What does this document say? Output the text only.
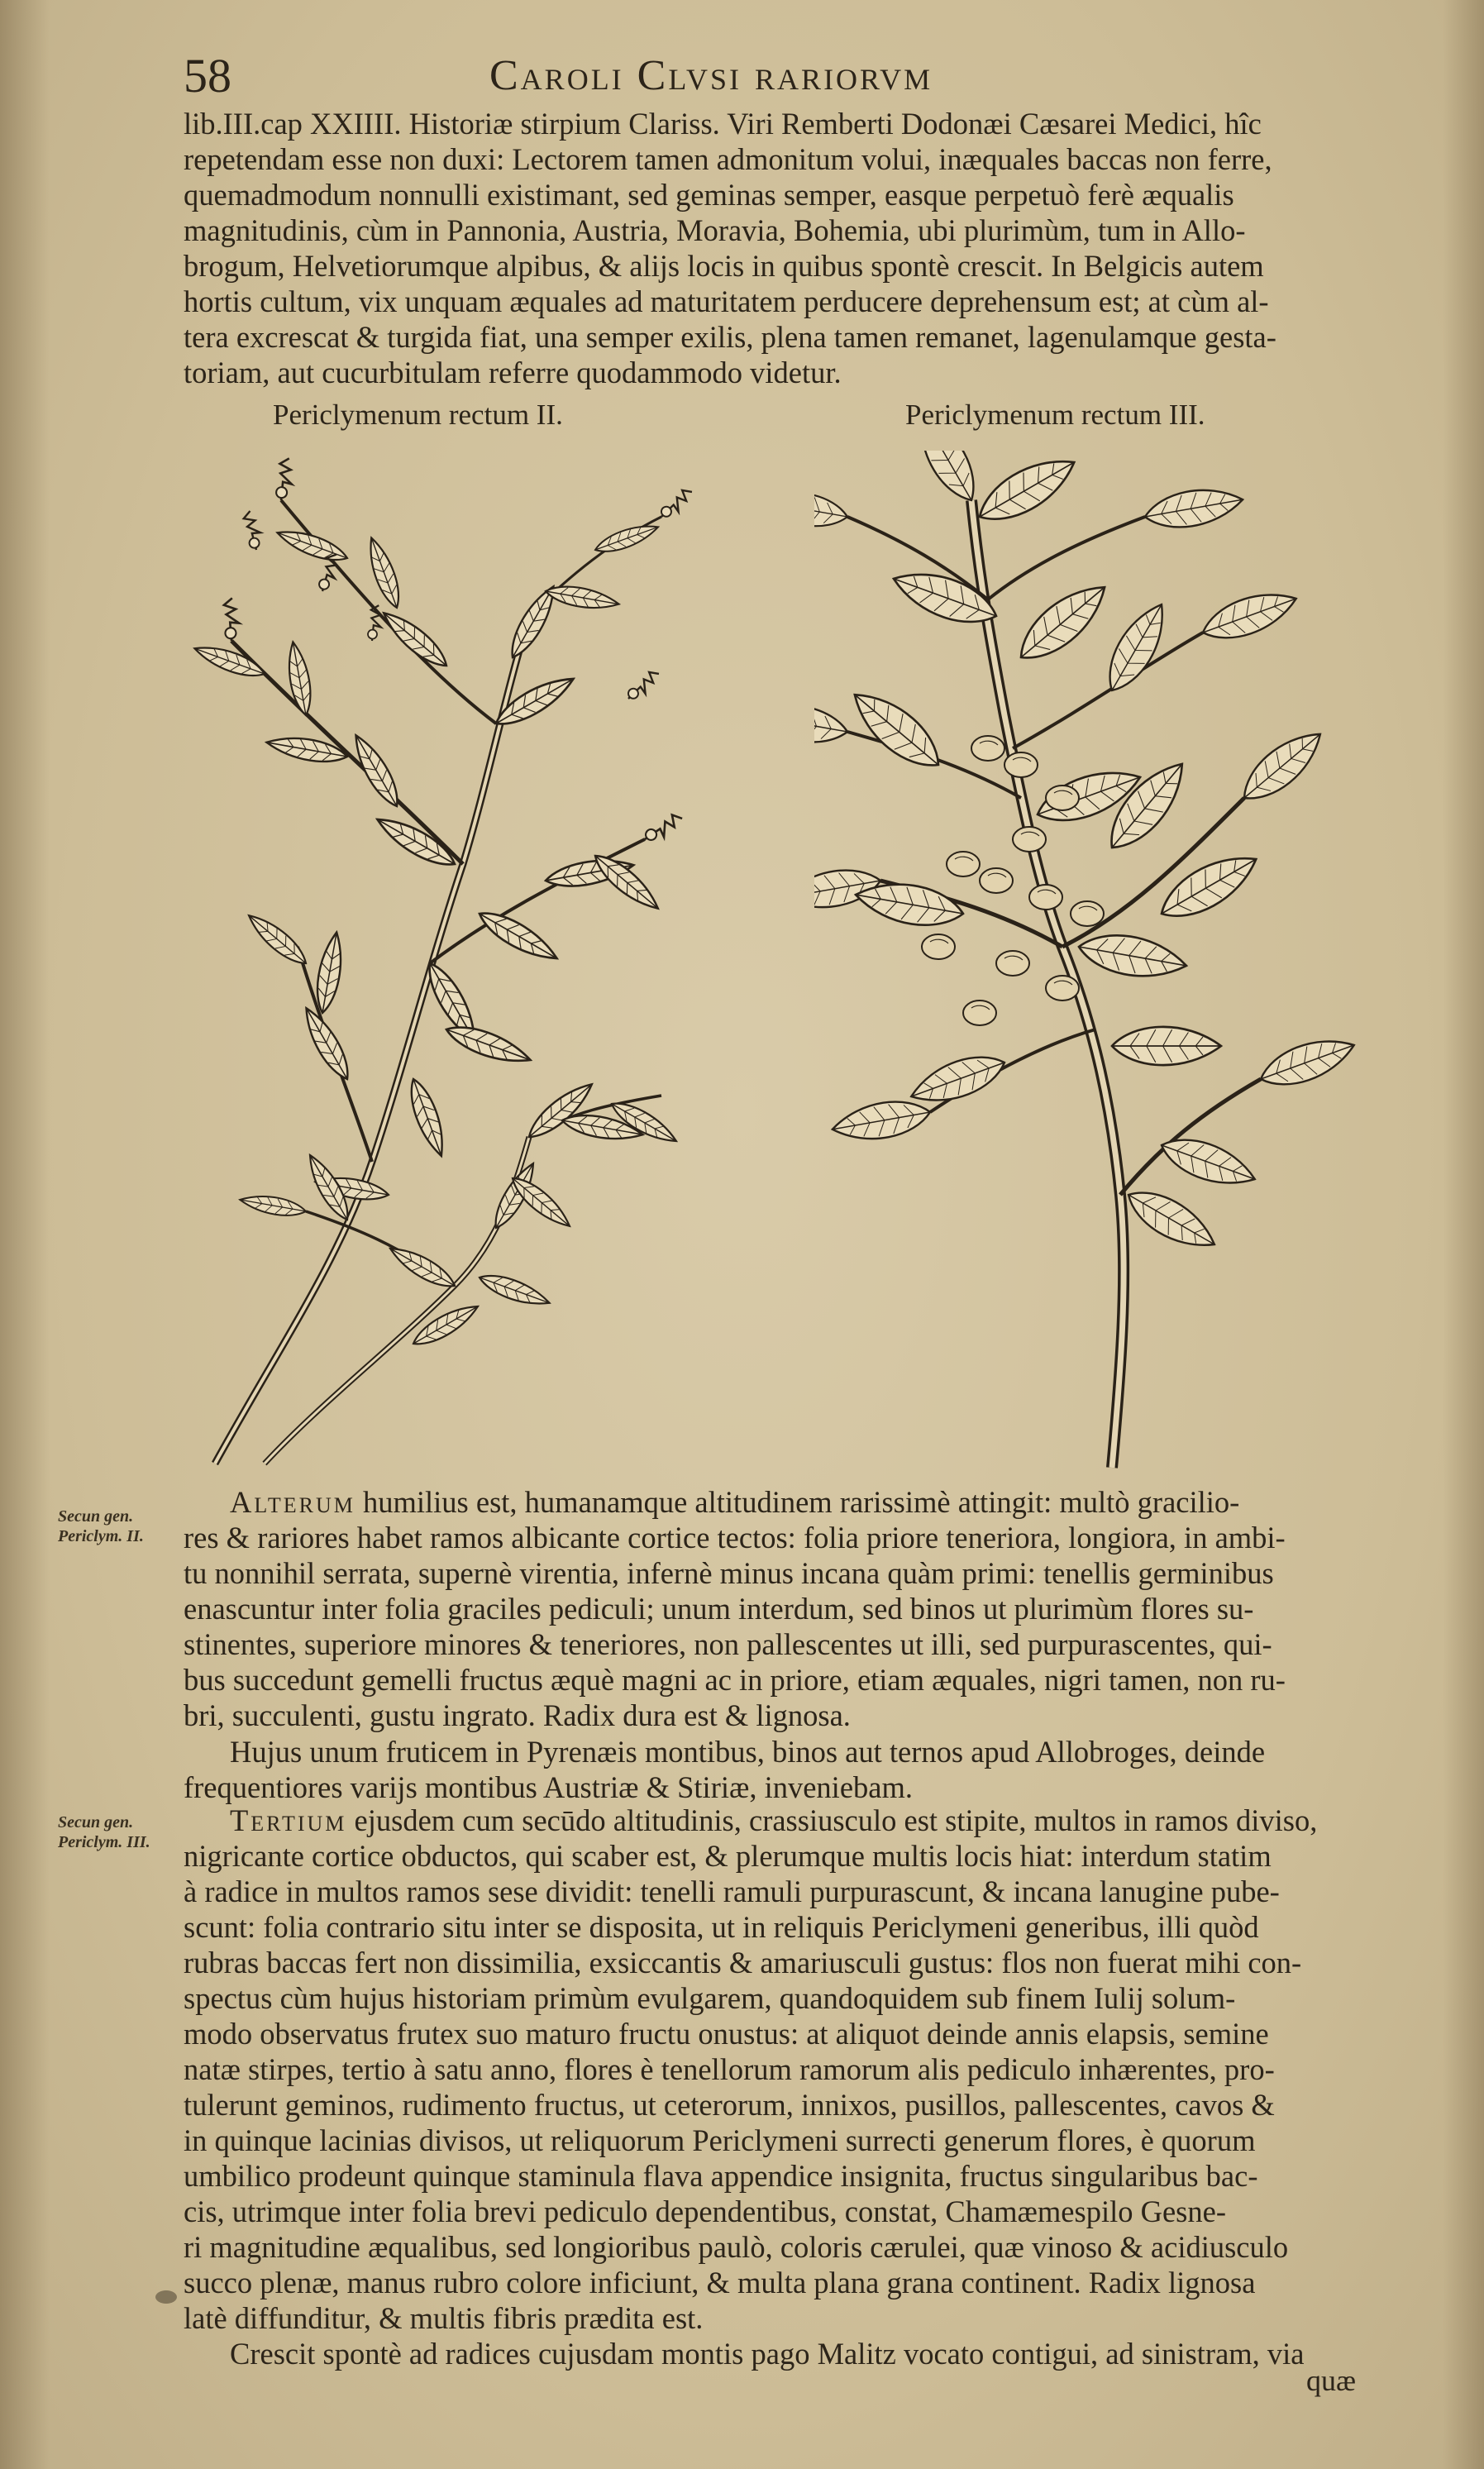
58	Caroli Clvsi rariorvm
lib.III.cap XXIIII. Historiæ stirpium Clariss. Viri Remberti Dodonæi Cæsarei Medici, hîc
repetendam esse non duxi: Lectorem tamen admonitum volui, inæquales baccas non ferre,
quemadmodum nonnulli existimant, sed geminas semper, easque perpetuò ferè æqualis
magnitudinis, cùm in Pannonia, Austria, Moravia, Bohemia, ubi plurimùm, tum in Allo-
brogum, Helvetiorumque alpibus, & alijs locis in quibus spontè crescit. In Belgicis autem
hortis cultum, vix unquam æquales ad maturitatem perducere deprehensum est; at cùm al-
tera excrescat & turgida fiat, una semper exilis, plena tamen remanet, lagenulamque gesta-
toriam, aut cucurbitulam referre quodammodo videtur.
Periclymenum rectum II.	Periclymenum rectum III.
Secun gen. Periclym. II.
Secun gen. Periclym. III.
Alterum humilius est, humanamque altitudinem rarissimè attingit: multò gracilio-
res & rariores habet ramos albicante cortice tectos: folia priore teneriora, longiora, in ambi-
tu nonnihil serrata, supernè virentia, infernè minus incana quàm primi: tenellis germinibus
enascuntur inter folia graciles pediculi; unum interdum, sed binos ut plurimùm flores su-
stinentes, superiore minores & teneriores, non pallescentes ut illi, sed purpurascentes, qui-
bus succedunt gemelli fructus æquè magni ac in priore, etiam æquales, nigri tamen, non ru-
bri, succulenti, gustu ingrato. Radix dura est & lignosa.
Hujus unum fruticem in Pyrenæis montibus, binos aut ternos apud Allobroges, deinde
frequentiores varijs montibus Austriæ & Stiriæ, inveniebam.
Tertium ejusdem cum secūdo altitudinis, crassiusculo est stipite, multos in ramos diviso,
nigricante cortice obductos, qui scaber est, & plerumque multis locis hiat: interdum statim
à radice in multos ramos sese dividit: tenelli ramuli purpurascunt, & incana lanugine pube-
scunt: folia contrario situ inter se disposita, ut in reliquis Periclymeni generibus, illi quòd
rubras baccas fert non dissimilia, exsiccantis & amariusculi gustus: flos non fuerat mihi con-
spectus cùm hujus historiam primùm evulgarem, quandoquidem sub finem Iulij solum-
modo observatus frutex suo maturo fructu onustus: at aliquot deinde annis elapsis, semine
natæ stirpes, tertio à satu anno, flores è tenellorum ramorum alis pediculo inhærentes, pro-
tulerunt geminos, rudimento fructus, ut ceterorum, innixos, pusillos, pallescentes, cavos &
in quinque lacinias divisos, ut reliquorum Periclymeni surrecti generum flores, è quorum
umbilico prodeunt quinque staminula flava appendice insignita, fructus singularibus bac-
cis, utrimque inter folia brevi pediculo dependentibus, constat, Chamæmespilo Gesne-
ri magnitudine æqualibus, sed longioribus paulò, coloris cærulei, quæ vinoso & acidiusculo
succo plenæ, manus rubro colore inficiunt, & multa plana grana continent. Radix lignosa
latè diffunditur, & multis fibris prædita est.
Crescit spontè ad radices cujusdam montis pago Malitz vocato contigui, ad sinistram, via
quæ
